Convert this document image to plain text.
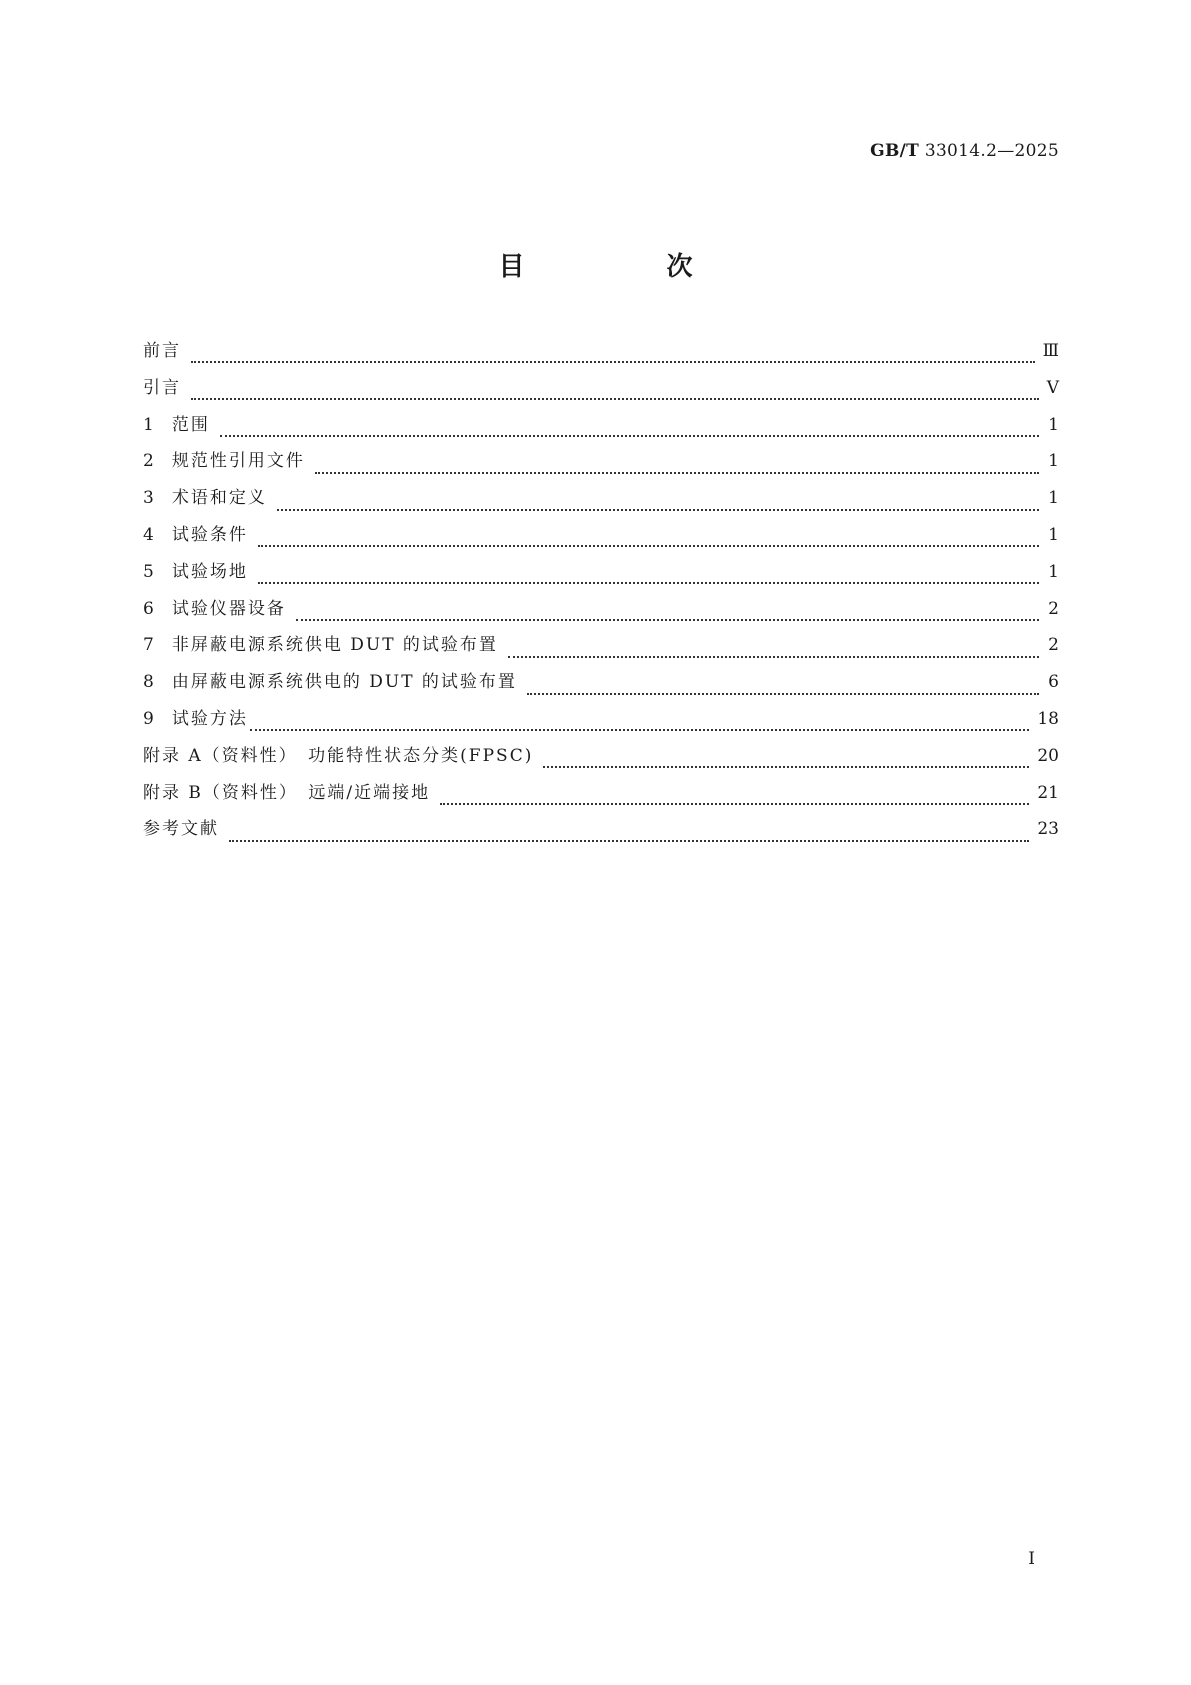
GB/T 33014.2—2025
目　次
前言	Ⅲ
引言	Ⅴ
1 范围	1
2 规范性引用文件	1
3 术语和定义	1
4 试验条件	1
5 试验场地	1
6 试验仪器设备	2
7 非屏蔽电源系统供电 DUT 的试验布置	2
8 由屏蔽电源系统供电的 DUT 的试验布置	6
9 试验方法	18
附录 A（资料性）　功能特性状态分类(FPSC)	20
附录 B（资料性）　远端/近端接地	21
参考文献	23
Ⅰ
